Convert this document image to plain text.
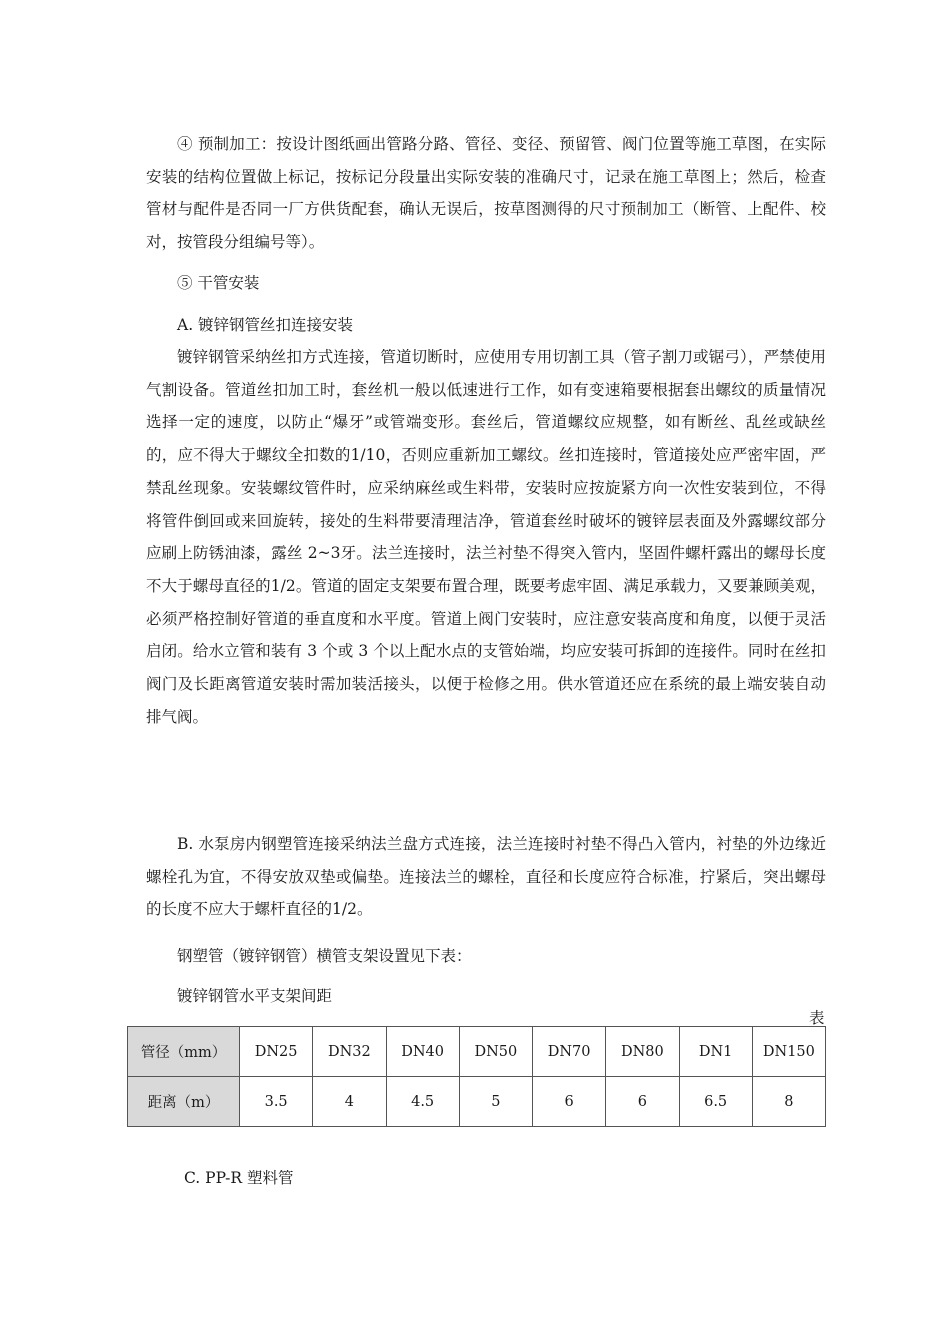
④ 预制加工：按设计图纸画出管路分路、管径、变径、预留管、阀门位置等施工草图，在实际安装的结构位置做上标记，按标记分段量出实际安装的准确尺寸，记录在施工草图上；然后，检查管材与配件是否同一厂方供货配套，确认无误后，按草图测得的尺寸预制加工（断管、上配件、校对，按管段分组编号等）。

⑤ 干管安装

A. 镀锌钢管丝扣连接安装

镀锌钢管采纳丝扣方式连接，管道切断时，应使用专用切割工具（管子割刀或锯弓），严禁使用气割设备。管道丝扣加工时，套丝机一般以低速进行工作，如有变速箱要根据套出螺纹的质量情况选择一定的速度，以防止“爆牙”或管端变形。套丝后，管道螺纹应规整，如有断丝、乱丝或缺丝的，应不得大于螺纹全扣数的1/10，否则应重新加工螺纹。丝扣连接时，管道接处应严密牢固，严禁乱丝现象。安装螺纹管件时，应采纳麻丝或生料带，安装时应按旋紧方向一次性安装到位，不得将管件倒回或来回旋转，接处的生料带要清理洁净，管道套丝时破坏的镀锌层表面及外露螺纹部分应刷上防锈油漆，露丝 2~3牙。法兰连接时，法兰衬垫不得突入管内，坚固件螺杆露出的螺母长度不大于螺母直径的1/2。管道的固定支架要布置合理，既要考虑牢固、满足承载力，又要兼顾美观，必须严格控制好管道的垂直度和水平度。管道上阀门安装时，应注意安装高度和角度，以便于灵活启闭。给水立管和装有 3 个或 3 个以上配水点的支管始端，均应安装可拆卸的连接件。同时在丝扣阀门及长距离管道安装时需加装活接头，以便于检修之用。供水管道还应在系统的最上端安装自动排气阀。

B. 水泵房内钢塑管连接采纳法兰盘方式连接，法兰连接时衬垫不得凸入管内，衬垫的外边缘近螺栓孔为宜，不得安放双垫或偏垫。连接法兰的螺栓，直径和长度应符合标准，拧紧后，突出螺母的长度不应大于螺杆直径的1/2。

钢塑管（镀锌钢管）横管支架设置见下表：

镀锌钢管水平支架间距

表
管径（mm）	DN25	DN32	DN40	DN50	DN70	DN80	DN1	DN150
距离（m）	3.5	4	4.5	5	6	6	6.5	8

C. PP-R 塑料管
